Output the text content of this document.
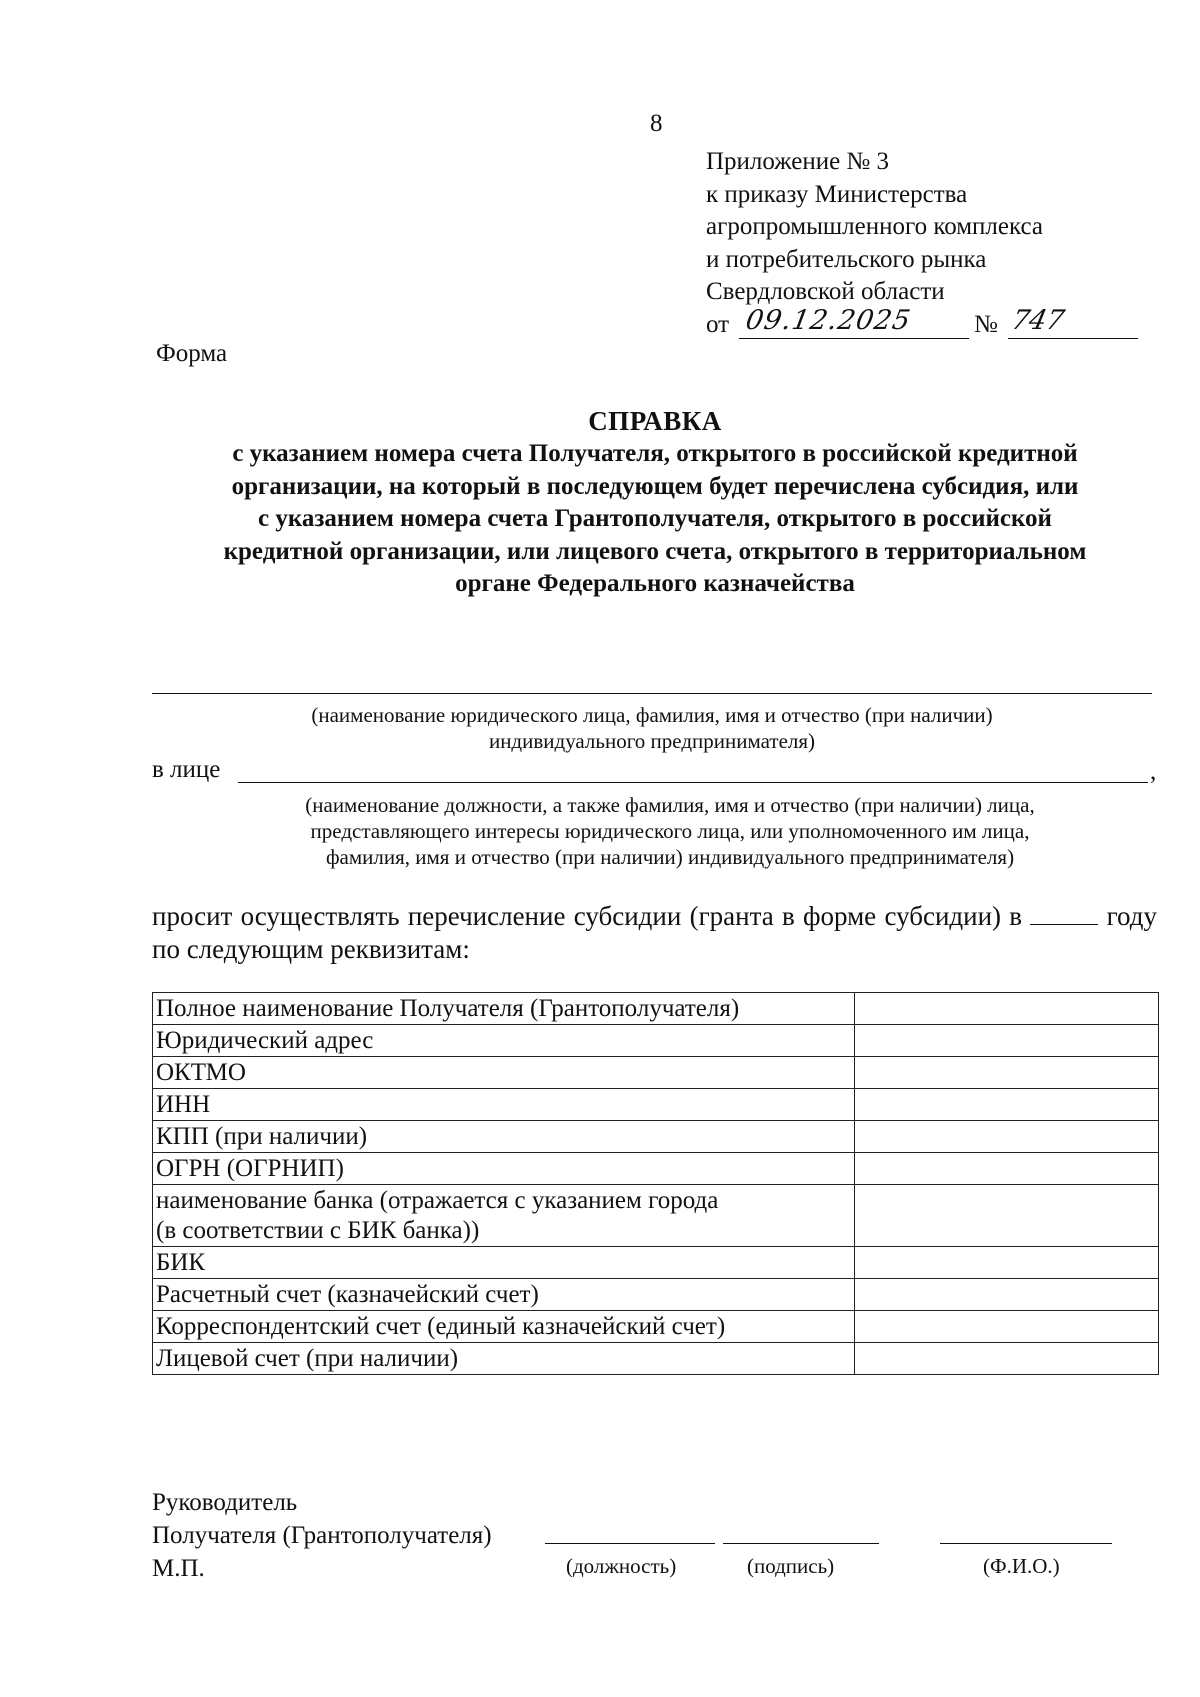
8
Приложение № 3
к приказу Министерства
агропромышленного комплекса
и потребительского рынка
Свердловской области
от 09.12.2025 № 747
Форма
СПРАВКА
с указанием номера счета Получателя, открытого в российской кредитной
организации, на который в последующем будет перечислена субсидия, или
с указанием номера счета Грантополучателя, открытого в российской
кредитной организации, или лицевого счета, открытого в территориальном
органе Федерального казначейства
(наименование юридического лица, фамилия, имя и отчество (при наличии)
индивидуального предпринимателя)
в лице	,
(наименование должности, а также фамилия, имя и отчество (при наличии) лица,
представляющего интересы юридического лица, или уполномоченного им лица,
фамилия, имя и отчество (при наличии) индивидуального предпринимателя)
просит осуществлять перечисление субсидии (гранта в форме субсидии) в	году по следующим реквизитам:
Полное наименование Получателя (Грантополучателя)	
Юридический адрес	
ОКТМО	
ИНН	
КПП (при наличии)	
ОГРН (ОГРНИП)	

наименование банка (отражается с указанием города
(в соответствии с БИК банка))	

БИК	
Расчетный счет (казначейский счет)	
Корреспондентский счет (единый казначейский счет)	
Лицевой счет (при наличии)	
Руководитель
Получателя (Грантополучателя)
М.П.	(должность)	(подпись)	(Ф.И.О.)
